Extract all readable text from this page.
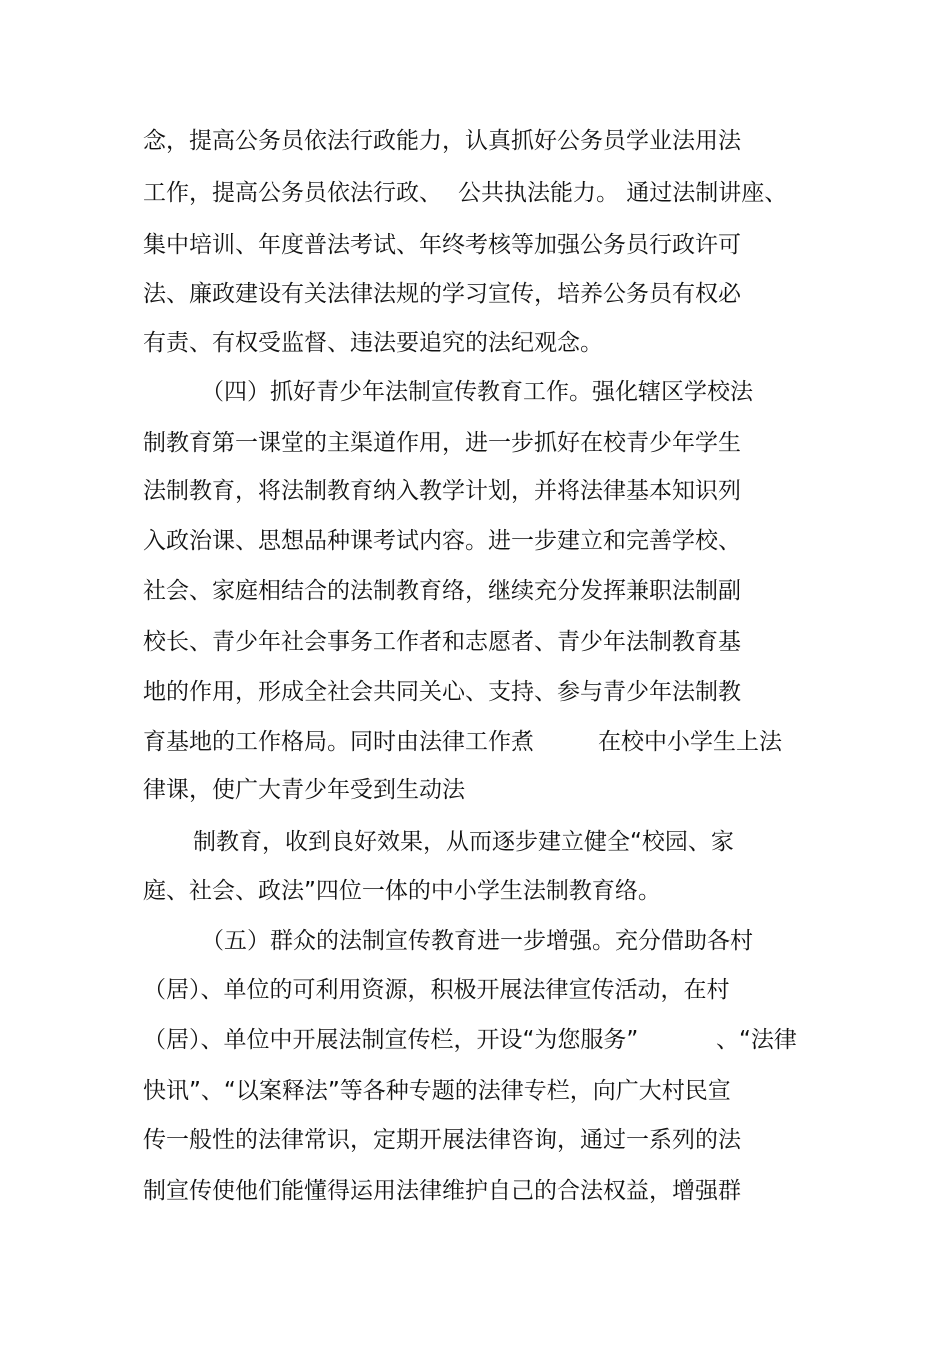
念，提高公务员依法行政能力，认真抓好公务员学业法用法
工作，提高公务员依法行政、 公共执法能力。 通过法制讲座、
集中培训、年度普法考试、年终考核等加强公务员行政许可
法、廉政建设有关法律法规的学习宣传，培养公务员有权必
有责、有权受监督、违法要追究的法纪观念。
（四）抓好青少年法制宣传教育工作。强化辖区学校法
制教育第一课堂的主渠道作用，进一步抓好在校青少年学生
法制教育，将法制教育纳入教学计划，并将法律基本知识列
入政治课、思想品种课考试内容。进一步建立和完善学校、
社会、家庭相结合的法制教育络，继续充分发挥兼职法制副
校长、青少年社会事务工作者和志愿者、青少年法制教育基
地的作用，形成全社会共同关心、支持、参与青少年法制教
育基地的工作格局。同时由法律工作煮	在校中小学生上法
律课，使广大青少年受到生动法
制教育，收到良好效果，从而逐步建立健全“校园、家
庭、社会、政法”四位一体的中小学生法制教育络。
（五）群众的法制宣传教育进一步增强。充分借助各村
（居）、单位的可利用资源，积极开展法律宣传活动，在村
（居）、单位中开展法制宣传栏，开设“为您服务”	、“法律
快讯”、“以案释法”等各种专题的法律专栏，向广大村民宣
传一般性的法律常识，定期开展法律咨询，通过一系列的法
制宣传使他们能懂得运用法律维护自己的合法权益，增强群
